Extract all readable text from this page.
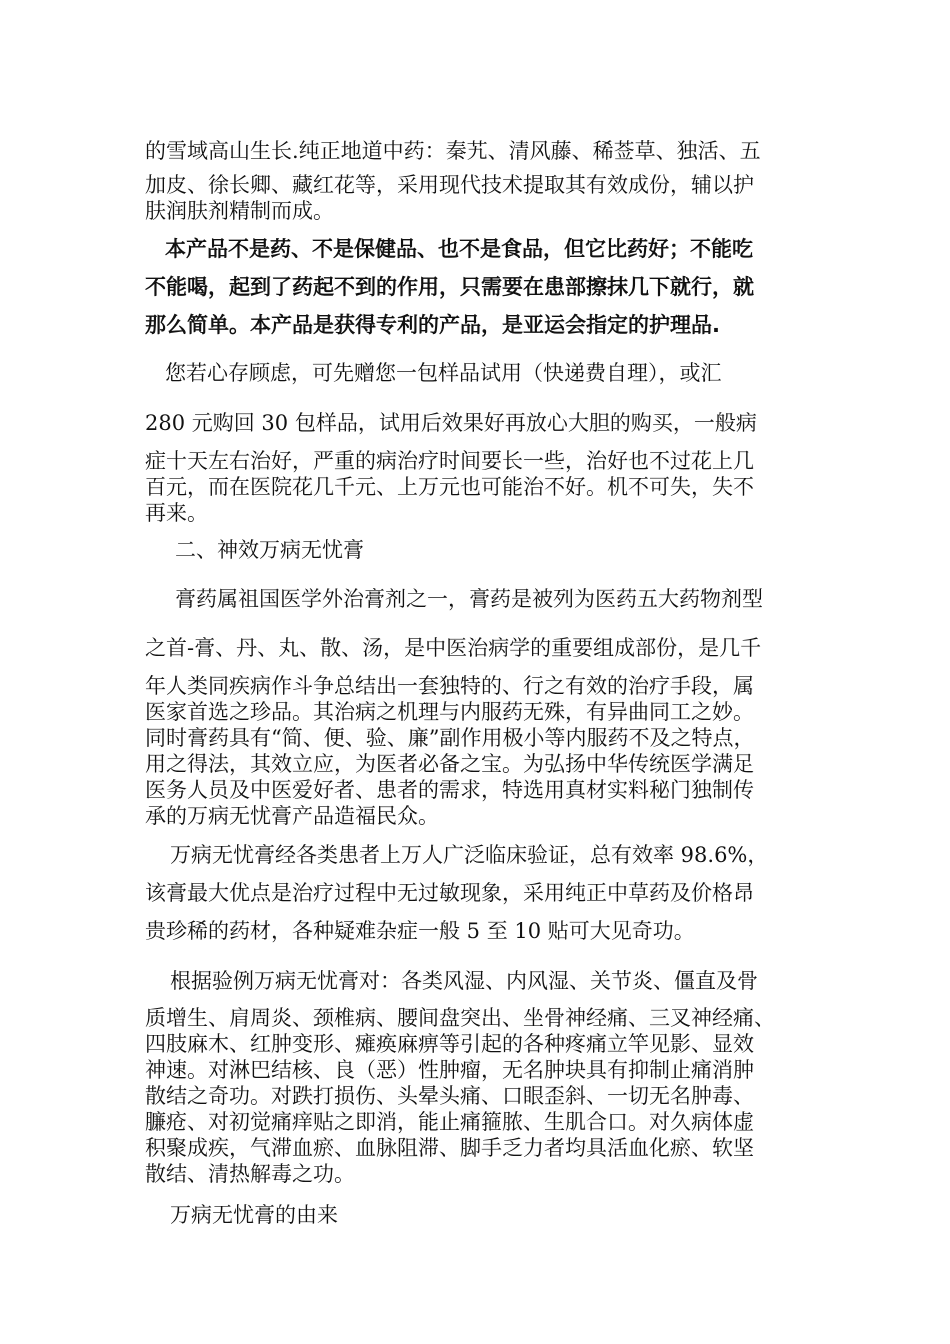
的雪域高山生长.纯正地道中药：秦艽、清风藤、稀莶草、独活、五
加皮、徐长卿、藏红花等，采用现代技术提取其有效成份，辅以护
肤润肤剂精制而成。
本产品不是药、不是保健品、也不是食品，但它比药好；不能吃
不能喝，起到了药起不到的作用，只需要在患部擦抹几下就行，就
那么简单。本产品是获得专利的产品，是亚运会指定的护理品.
您若心存顾虑，可先赠您一包样品试用（快递费自理），或汇
280 元购回 30 包样品，试用后效果好再放心大胆的购买，一般病
症十天左右治好，严重的病治疗时间要长一些，治好也不过花上几
百元，而在医院花几千元、上万元也可能治不好。机不可失，失不
再来。
二、神效万病无忧膏
膏药属祖国医学外治膏剂之一，膏药是被列为医药五大药物剂型
之首-膏、丹、丸、散、汤，是中医治病学的重要组成部份，是几千
年人类同疾病作斗争总结出一套独特的、行之有效的治疗手段，属
医家首选之珍品。其治病之机理与内服药无殊，有异曲同工之妙。
同时膏药具有“简、便、验、廉”副作用极小等内服药不及之特点，
用之得法，其效立应，为医者必备之宝。为弘扬中华传统医学满足
医务人员及中医爱好者、患者的需求，特选用真材实料秘门独制传
承的万病无忧膏产品造福民众。
万病无忧膏经各类患者上万人广泛临床验证，总有效率 98.6%，
该膏最大优点是治疗过程中无过敏现象，采用纯正中草药及价格昂
贵珍稀的药材，各种疑难杂症一般 5 至 10 贴可大见奇功。
根据验例万病无忧膏对：各类风湿、内风湿、关节炎、僵直及骨
质增生、肩周炎、颈椎病、腰间盘突出、坐骨神经痛、三叉神经痛、
四肢麻木、红肿变形、瘫痪麻痹等引起的各种疼痛立竿见影、显效
神速。对淋巴结核、良（恶）性肿瘤，无名肿块具有抑制止痛消肿
散结之奇功。对跌打损伤、头晕头痛、口眼歪斜、一切无名肿毒、
臁疮、对初觉痛痒贴之即消，能止痛箍脓、生肌合口。对久病体虚
积聚成疾，气滞血瘀、血脉阻滞、脚手乏力者均具活血化瘀、软坚
散结、清热解毒之功。
万病无忧膏的由来
